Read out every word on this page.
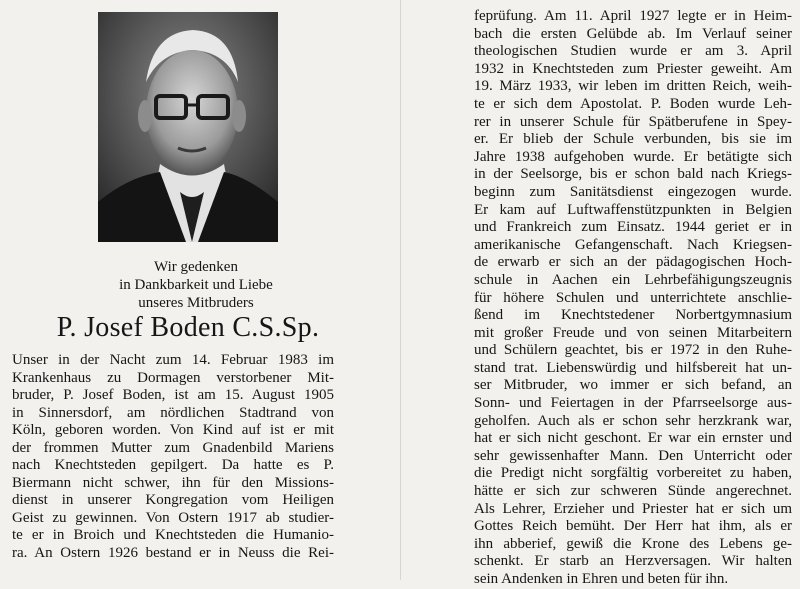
Wir gedenken
in Dankbarkeit und Liebe
unseres Mitbruders
P. Josef Boden C.S.Sp.
Unser in der Nacht zum 14. Februar 1983 im
Krankenhaus zu Dormagen verstorbener Mit-
bruder, P. Josef Boden, ist am 15. August 1905
in Sinnersdorf, am nördlichen Stadtrand von
Köln, geboren worden. Von Kind auf ist er mit
der frommen Mutter zum Gnadenbild Mariens
nach Knechtsteden gepilgert. Da hatte es P.
Biermann nicht schwer, ihn für den Missions-
dienst in unserer Kongregation vom Heiligen
Geist zu gewinnen. Von Ostern 1917 ab studier-
te er in Broich und Knechtsteden die Humanio-
ra. An Ostern 1926 bestand er in Neuss die Rei-
feprüfung. Am 11. April 1927 legte er in Heim-
bach die ersten Gelübde ab. Im Verlauf seiner
theologischen Studien wurde er am 3. April
1932 in Knechtsteden zum Priester geweiht. Am
19. März 1933, wir leben im dritten Reich, weih-
te er sich dem Apostolat. P. Boden wurde Leh-
rer in unserer Schule für Spätberufene in Spey-
er. Er blieb der Schule verbunden, bis sie im
Jahre 1938 aufgehoben wurde. Er betätigte sich
in der Seelsorge, bis er schon bald nach Kriegs-
beginn zum Sanitätsdienst eingezogen wurde.
Er kam auf Luftwaffenstützpunkten in Belgien
und Frankreich zum Einsatz. 1944 geriet er in
amerikanische Gefangenschaft. Nach Kriegsen-
de erwarb er sich an der pädagogischen Hoch-
schule in Aachen ein Lehrbefähigungszeugnis
für höhere Schulen und unterrichtete anschlie-
ßend im Knechtstedener Norbertgymnasium
mit großer Freude und von seinen Mitarbeitern
und Schülern geachtet, bis er 1972 in den Ruhe-
stand trat. Liebenswürdig und hilfsbereit hat un-
ser Mitbruder, wo immer er sich befand, an
Sonn- und Feiertagen in der Pfarrseelsorge aus-
geholfen. Auch als er schon sehr herzkrank war,
hat er sich nicht geschont. Er war ein ernster und
sehr gewissenhafter Mann. Den Unterricht oder
die Predigt nicht sorgfältig vorbereitet zu haben,
hätte er sich zur schweren Sünde angerechnet.
Als Lehrer, Erzieher und Priester hat er sich um
Gottes Reich bemüht. Der Herr hat ihm, als er
ihn abberief, gewiß die Krone des Lebens ge-
schenkt. Er starb an Herzversagen. Wir halten
sein Andenken in Ehren und beten für ihn.
